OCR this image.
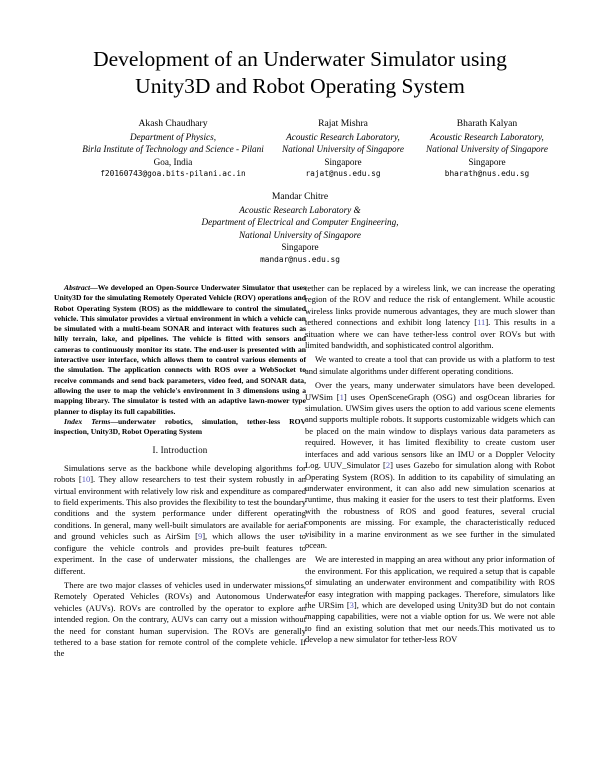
Development of an Underwater Simulator using
Unity3D and Robot Operating System
Akash Chaudhary
Department of Physics,
Birla Institute of Technology and Science - Pilani
Goa, India
f20160743@goa.bits-pilani.ac.in
Rajat Mishra
Acoustic Research Laboratory,
National University of Singapore
Singapore
rajat@nus.edu.sg
Bharath Kalyan
Acoustic Research Laboratory,
National University of Singapore
Singapore
bharath@nus.edu.sg
Mandar Chitre
Acoustic Research Laboratory &
Department of Electrical and Computer Engineering,
National University of Singapore
Singapore
mandar@nus.edu.sg

Abstract—We developed an Open-Source Underwater Simulator that uses Unity3D for the simulating Remotely Operated Vehicle (ROV) operations and Robot Operating System (ROS) as the middleware to control the simulated vehicle. This simulator provides a virtual environment in which a vehicle can be simulated with a multi-beam SONAR and interact with features such as hilly terrain, lake, and pipelines. The vehicle is fitted with sensors and cameras to continuously monitor its state. The end-user is presented with an interactive user interface, which allows them to control various elements of the simulation. The application connects with ROS over a WebSocket to receive commands and send back parameters, video feed, and SONAR data, allowing the user to map the vehicle's environment in 3 dimensions using a mapping library. The simulator is tested with an adaptive lawn-mower type planner to display its full capabilities.

Index Terms—underwater robotics, simulation, tether-less ROV inspection, Unity3D, Robot Operating System

I. Introduction

Simulations serve as the backbone while developing algorithms for robots [10]. They allow researchers to test their system robustly in an virtual environment with relatively low risk and expenditure as compared to field experiments. This also provides the flexibility to test the boundary conditions and the system performance under different operating conditions. In general, many well-built simulators are available for aerial and ground vehicles such as AirSim [9], which allows the user to configure the vehicle controls and provides pre-built features to experiment. In the case of underwater missions, the challenges are different.

There are two major classes of vehicles used in underwater missions, Remotely Operated Vehicles (ROVs) and Autonomous Underwater vehicles (AUVs). ROVs are controlled by the operator to explore an intended region. On the contrary, AUVs can carry out a mission without the need for constant human supervision. The ROVs are generally tethered to a base station for remote control of the complete vehicle. If the

tether can be replaced by a wireless link, we can increase the operating region of the ROV and reduce the risk of entanglement. While acoustic wireless links provide numerous advantages, they are much slower than tethered connections and exhibit long latency [11]. This results in a situation where we can have tether-less control over ROVs but with limited bandwidth, and sophisticated control algorithm.

We wanted to create a tool that can provide us with a platform to test and simulate algorithms under different operating conditions.

Over the years, many underwater simulators have been developed. UWSim [1] uses OpenSceneGraph (OSG) and osgOcean libraries for simulation. UWSim gives users the option to add various scene elements and supports multiple robots. It supports customizable widgets which can be placed on the main window to displays various data parameters as required. However, it has limited flexibility to create custom user interfaces and add various sensors like an IMU or a Doppler Velocity Log. UUV_Simulator [2] uses Gazebo for simulation along with Robot Operating System (ROS). In addition to its capability of simulating an underwater environment, it can also add new simulation scenarios at runtime, thus making it easier for the users to test their platforms. Even with the robustness of ROS and good features, several crucial components are missing. For example, the characteristically reduced visibility in a marine environment as we see further in the simulated ocean.

We are interested in mapping an area without any prior information of the environment. For this application, we required a setup that is capable of simulating an underwater environment and compatibility with ROS for easy integration with mapping packages. Therefore, simulators like the URSim [3], which are developed using Unity3D but do not contain mapping capabilities, were not a viable option for us. We were not able to find an existing solution that met our needs.This motivated us to develop a new simulator for tether-less ROV
